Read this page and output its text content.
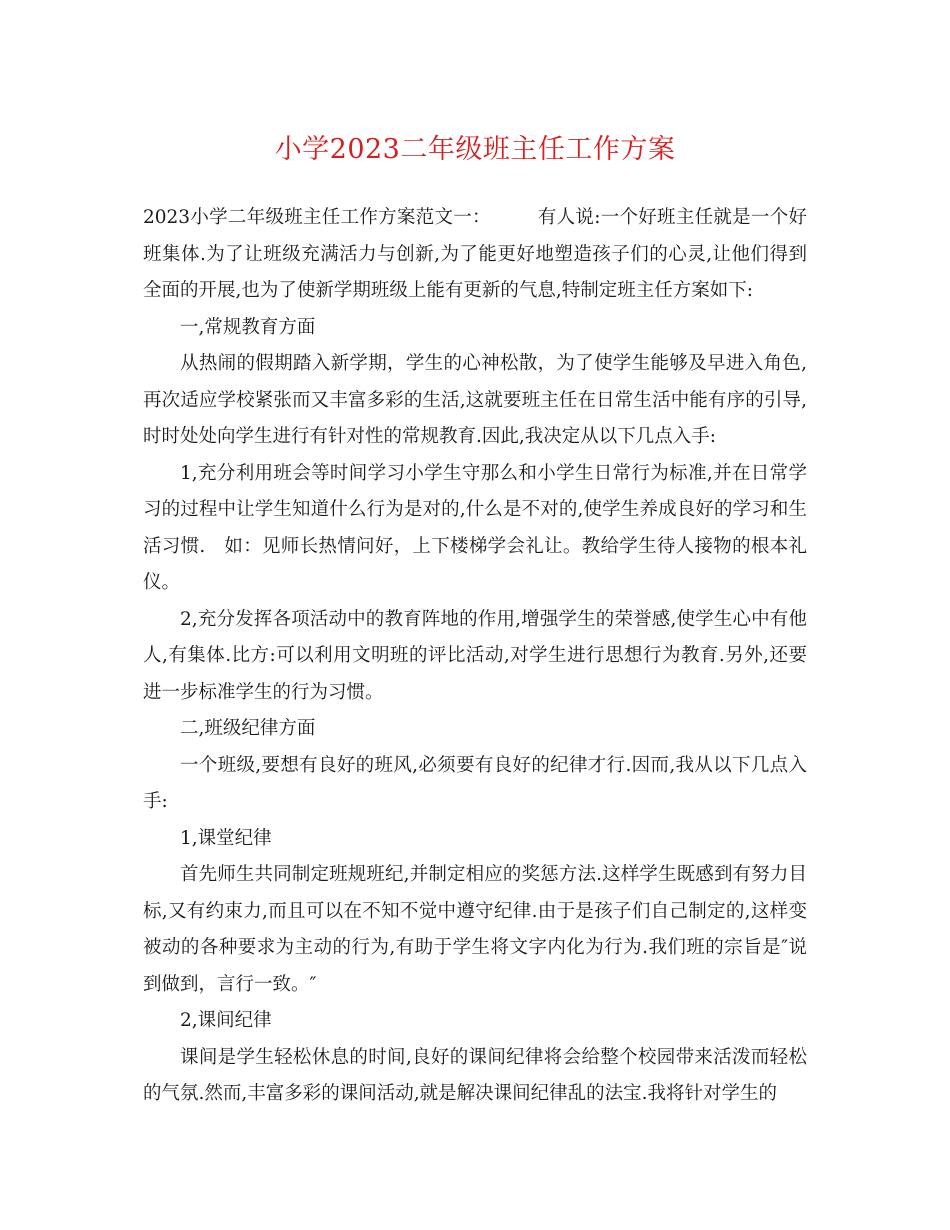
小学2023二年级班主任工作方案

2023小学二年级班主任工作方案范文一：　　　有人说:一个好班主任就是一个好班集体.为了让班级充满活力与创新,为了能更好地塑造孩子们的心灵,让他们得到全面的开展,也为了使新学期班级上能有更新的气息,特制定班主任方案如下:

一,常规教育方面

从热闹的假期踏入新学期，学生的心神松散，为了使学生能够及早进入角色,再次适应学校紧张而又丰富多彩的生活,这就要班主任在日常生活中能有序的引导,时时处处向学生进行有针对性的常规教育.因此,我决定从以下几点入手:

1,充分利用班会等时间学习小学生守那么和小学生日常行为标准,并在日常学习的过程中让学生知道什么行为是对的,什么是不对的,使学生养成良好的学习和生活习惯.　如：见师长热情问好，上下楼梯学会礼让。教给学生待人接物的根本礼仪。

2,充分发挥各项活动中的教育阵地的作用,增强学生的荣誉感,使学生心中有他人,有集体.比方:可以利用文明班的评比活动,对学生进行思想行为教育.另外,还要进一步标准学生的行为习惯。

二,班级纪律方面

一个班级,要想有良好的班风,必须要有良好的纪律才行.因而,我从以下几点入手:

1,课堂纪律

首先师生共同制定班规班纪,并制定相应的奖惩方法.这样学生既感到有努力目标,又有约束力,而且可以在不知不觉中遵守纪律.由于是孩子们自己制定的,这样变被动的各种要求为主动的行为,有助于学生将文字内化为行为.我们班的宗旨是″说到做到，言行一致。″

2,课间纪律

课间是学生轻松休息的时间,良好的课间纪律将会给整个校园带来活泼而轻松的气氛.然而,丰富多彩的课间活动,就是解决课间纪律乱的法宝.我将针对学生的
